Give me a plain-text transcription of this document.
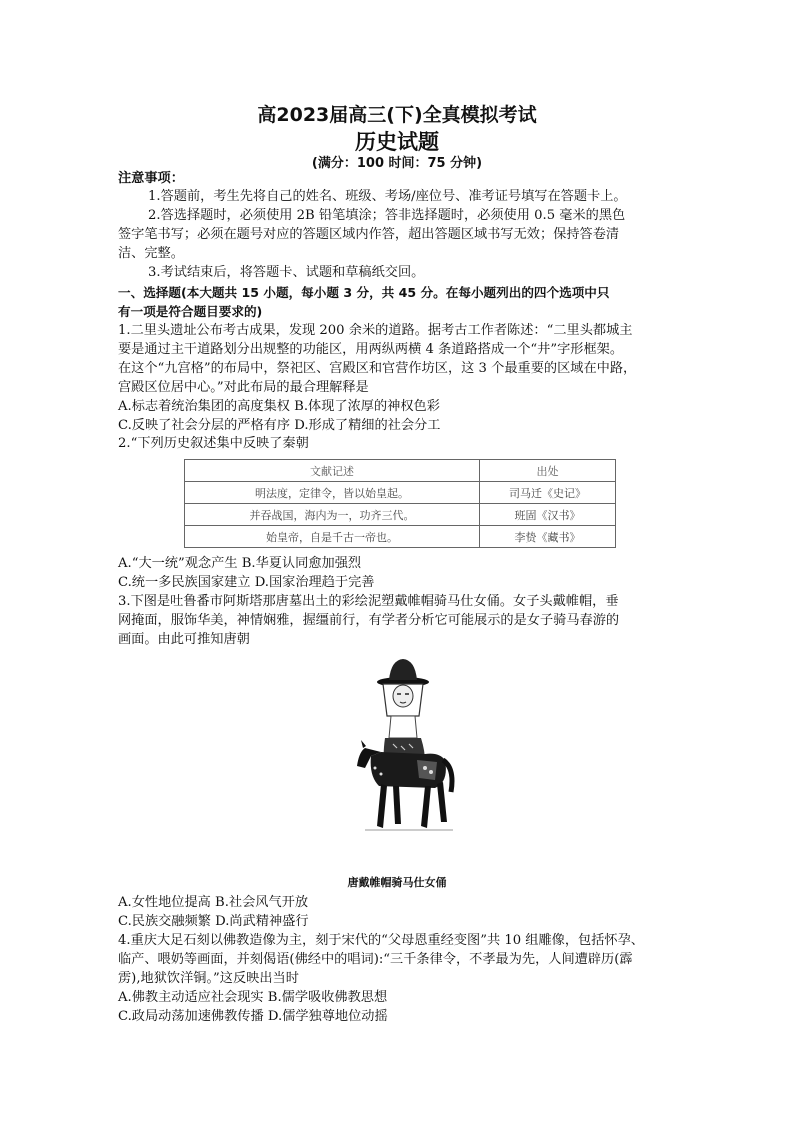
高2023届高三(下)全真模拟考试
历史试题
(满分：100 时间：75 分钟)
注意事项：
1.答题前，考生先将自己的姓名、班级、考场/座位号、准考证号填写在答题卡上。
2.答选择题时，必须使用 2B 铅笔填涂；答非选择题时，必须使用 0.5 毫米的黑色
签字笔书写；必须在题号对应的答题区域内作答，超出答题区域书写无效；保持答卷清
洁、完整。
3.考试结束后，将答题卡、试题和草稿纸交回。
一、选择题(本大题共 15 小题，每小题 3 分，共 45 分。在每小题列出的四个选项中只
有一项是符合题目要求的)
1.二里头遗址公布考古成果，发现 200 余米的道路。据考古工作者陈述：“二里头都城主
要是通过主干道路划分出规整的功能区，用两纵两横 4 条道路搭成一个“井”字形框架。
在这个“九宫格”的布局中，祭祀区、宫殿区和官营作坊区，这 3 个最重要的区域在中路，
宫殿区位居中心。”对此布局的最合理解释是
A.标志着统治集团的高度集权 B.体现了浓厚的神权色彩
C.反映了社会分层的严格有序 D.形成了精细的社会分工
2.“下列历史叙述集中反映了秦朝
文献记述	出处
明法度，定律令，皆以始皇起。	司马迁《史记》
并吞战国，海内为一，功齐三代。	班固《汉书》
始皇帝，自是千古一帝也。	李贽《藏书》
A.“大一统”观念产生 B.华夏认同愈加强烈
C.统一多民族国家建立 D.国家治理趋于完善
3.下图是吐鲁番市阿斯塔那唐墓出土的彩绘泥塑戴帷帽骑马仕女俑。女子头戴帷帽，垂
网掩面，服饰华美，神情娴雅，握缰前行，有学者分析它可能展示的是女子骑马春游的
画面。由此可推知唐朝
唐戴帷帽骑马仕女俑
A.女性地位提高 B.社会风气开放
C.民族交融频繁 D.尚武精神盛行
4.重庆大足石刻以佛教造像为主，刻于宋代的“父母恩重经变图”共 10 组雕像，包括怀孕、
临产、喂奶等画面，并刻偈语(佛经中的唱词):“三千条律令，不孝最为先，人间遭辟历(霹
雳),地狱饮洋铜。”这反映出当时
A.佛教主动适应社会现实 B.儒学吸收佛教思想
C.政局动荡加速佛教传播 D.儒学独尊地位动摇
